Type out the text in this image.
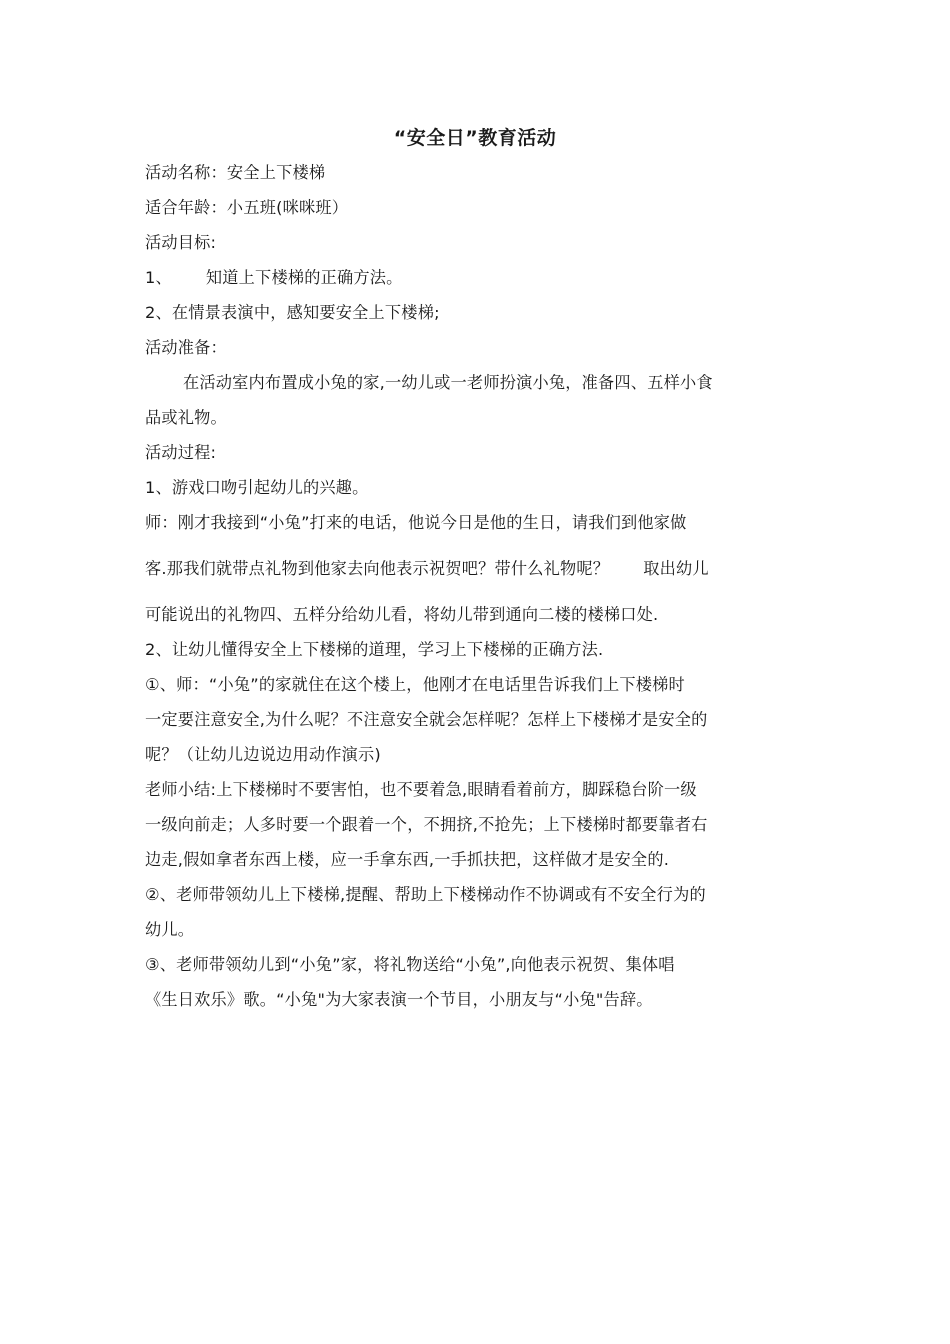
“安全日”教育活动
活动名称：安全上下楼梯
适合年龄：小五班(咪咪班）
活动目标:
1、 知道上下楼梯的正确方法。
2、在情景表演中，感知要安全上下楼梯;
活动准备：
在活动室内布置成小兔的家,一幼儿或一老师扮演小兔，准备四、五样小食
品或礼物。
活动过程:
1、游戏口吻引起幼儿的兴趣。
师：刚才我接到“小兔”打来的电话，他说今日是他的生日，请我们到他家做
客.那我们就带点礼物到他家去向他表示祝贺吧？带什么礼物呢？ 取出幼儿
可能说出的礼物四、五样分给幼儿看，将幼儿带到通向二楼的楼梯口处.
2、让幼儿懂得安全上下楼梯的道理，学习上下楼梯的正确方法.
①、师：“小兔”的家就住在这个楼上，他刚才在电话里告诉我们上下楼梯时
一定要注意安全,为什么呢？不注意安全就会怎样呢？怎样上下楼梯才是安全的
呢？（让幼儿边说边用动作演示)
老师小结:上下楼梯时不要害怕，也不要着急,眼睛看着前方，脚踩稳台阶一级
一级向前走；人多时要一个跟着一个，不拥挤,不抢先；上下楼梯时都要靠者右
边走,假如拿者东西上楼，应一手拿东西,一手抓扶把，这样做才是安全的.
②、老师带领幼儿上下楼梯,提醒、帮助上下楼梯动作不协调或有不安全行为的
幼儿。
③、老师带领幼儿到“小兔”家，将礼物送给“小兔”,向他表示祝贺、集体唱
《生日欢乐》歌。“小兔"为大家表演一个节目，小朋友与“小兔"告辞。
